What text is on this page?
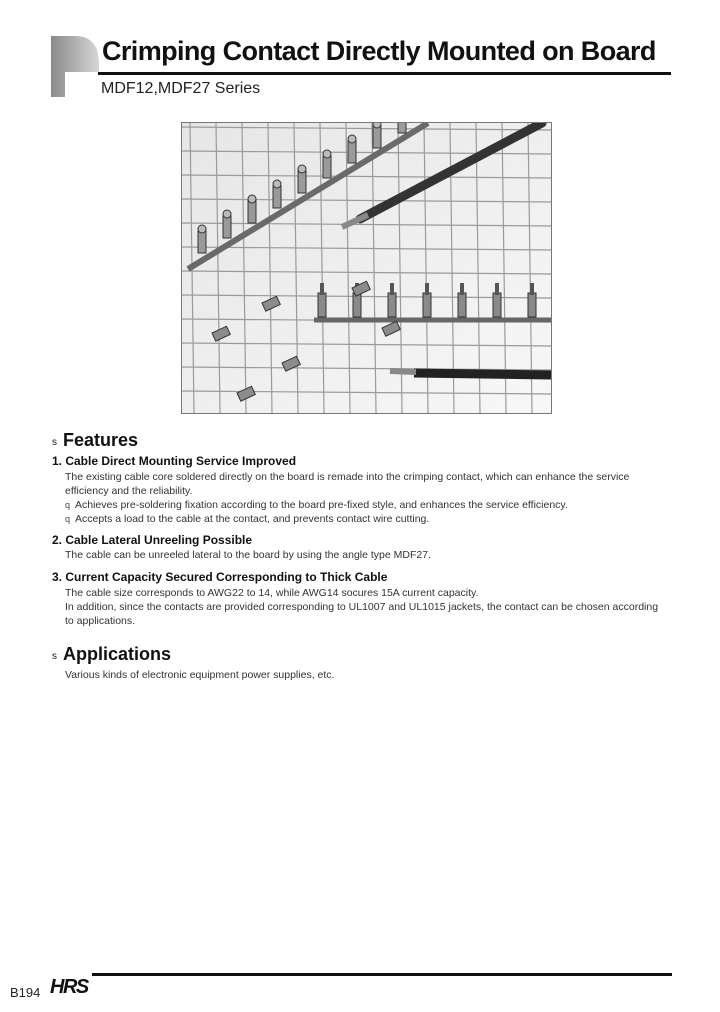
Crimping Contact Directly Mounted on Board
MDF12,MDF27 Series
s Features
1. Cable Direct Mounting Service Improved
The existing cable core soldered directly on the board is remade into the crimping contact, which can enhance the service efficiency and the reliability.
q Achieves pre-soldering fixation according to the board pre-fixed style, and enhances the service efficiency.
q Accepts a load to the cable at the contact, and prevents contact wire cutting.
2. Cable Lateral Unreeling Possible
The cable can be unreeled lateral to the board by using the angle type MDF27.
3. Current Capacity Secured Corresponding to Thick Cable
The cable size corresponds to AWG22 to 14, while AWG14 socures 15A current capacity.
In addition, since the contacts are provided corresponding to UL1007 and UL1015 jackets, the contact can be chosen according to applications.
s Applications
Various kinds of electronic equipment power supplies, etc.
B194 HRS
